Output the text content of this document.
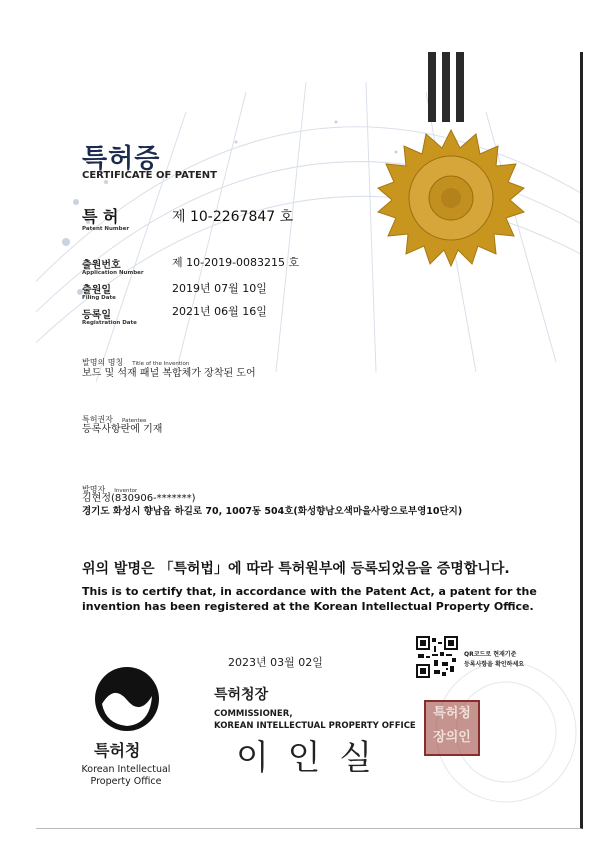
특허증
CERTIFICATE OF PATENT
특 허
Patent Number
제 10-2267847 호
출원번호
Application Number
제 10-2019-0083215 호
출원일
Filing Date
2019년 07월 10일
등록일
Registration Date
2021년 06월 16일
발명의 명칭 Title of the Invention
보드 및 석재 패널 복합체가 장착된 도어
특허권자 Patentee
등록사항란에 기재
발명자 Inventor
김현정(830906-*******)
경기도 화성시 향남읍 하길로 70, 1007동 504호(화성향남오색마을사랑으로부영10단지)
위의 발명은 「특허법」에 따라 특허원부에 등록되었음을 증명합니다.
This is to certify that, in accordance with the Patent Act, a patent for the
invention has been registered at the Korean Intellectual Property Office.
2023년 03월 02일
QR코드로 현재기준
등록사항을 확인하세요
특허청장
COMMISSIONER,
KOREAN INTELLECTUAL PROPERTY OFFICE
이 인 실
특허청장의인
특허청
Korean Intellectual
Property Office
